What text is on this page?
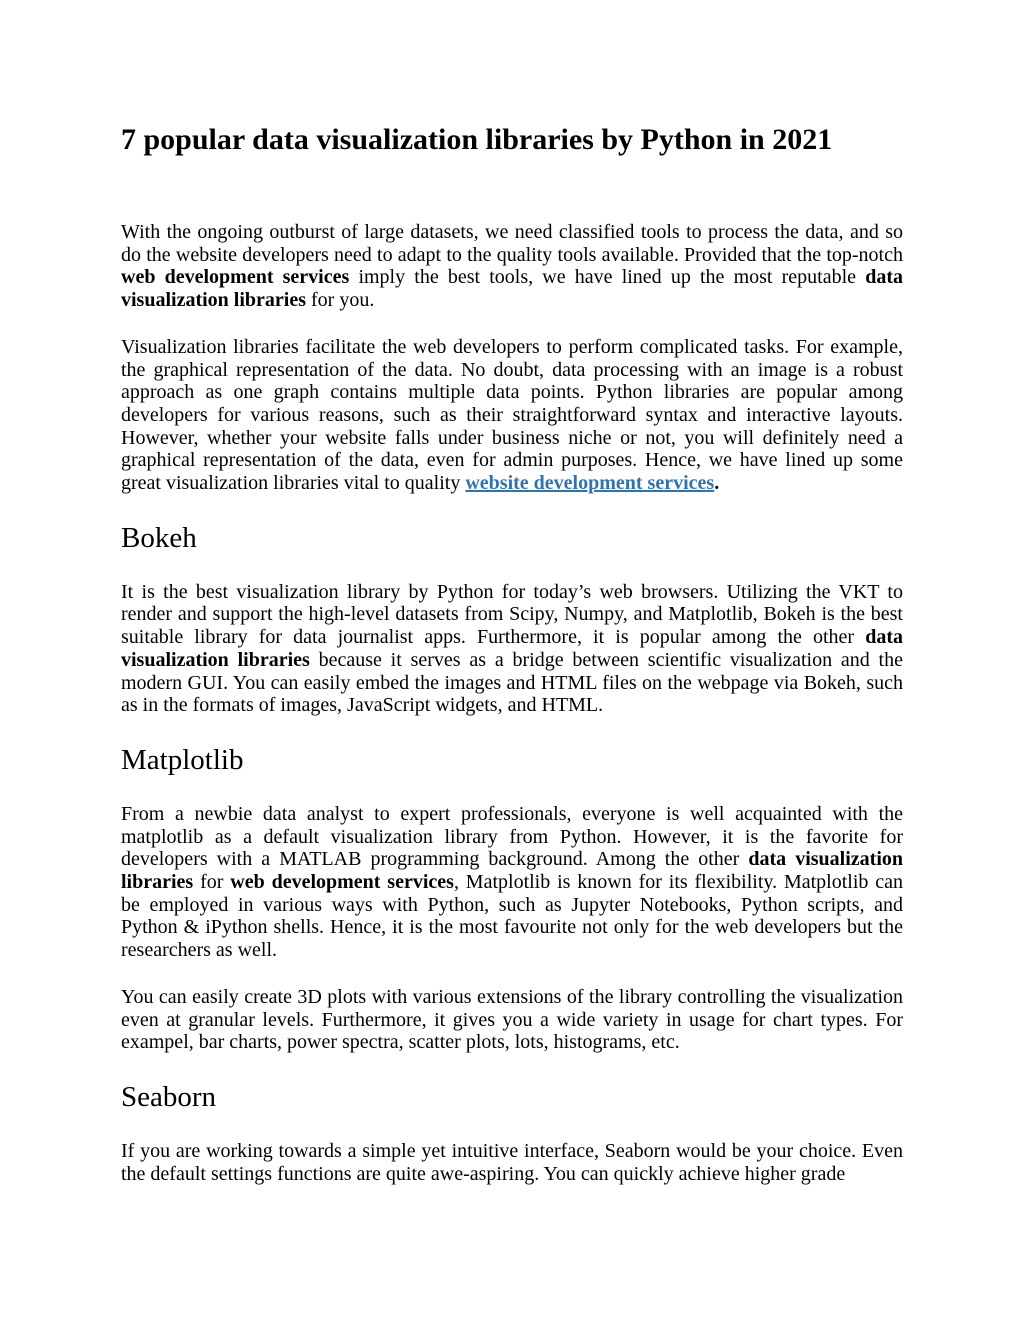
7 popular data visualization libraries by Python in 2021

With the ongoing outburst of large datasets, we need classified tools to process the data, and so do the website developers need to adapt to the quality tools available. Provided that the top-notch web development services imply the best tools, we have lined up the most reputable data visualization libraries for you.

Visualization libraries facilitate the web developers to perform complicated tasks. For example, the graphical representation of the data. No doubt, data processing with an image is a robust approach as one graph contains multiple data points. Python libraries are popular among developers for various reasons, such as their straightforward syntax and interactive layouts. However, whether your website falls under business niche or not, you will definitely need a graphical representation of the data, even for admin purposes. Hence, we have lined up some great visualization libraries vital to quality website development services.

Bokeh

It is the best visualization library by Python for today’s web browsers. Utilizing the VKT to render and support the high-level datasets from Scipy, Numpy, and Matplotlib, Bokeh is the best suitable library for data journalist apps. Furthermore, it is popular among the other data visualization libraries because it serves as a bridge between scientific visualization and the modern GUI. You can easily embed the images and HTML files on the webpage via Bokeh, such as in the formats of images, JavaScript widgets, and HTML.

Matplotlib

From a newbie data analyst to expert professionals, everyone is well acquainted with the matplotlib as a default visualization library from Python. However, it is the favorite for developers with a MATLAB programming background. Among the other data visualization libraries for web development services, Matplotlib is known for its flexibility. Matplotlib can be employed in various ways with Python, such as Jupyter Notebooks, Python scripts, and Python & iPython shells. Hence, it is the most favourite not only for the web developers but the researchers as well.

You can easily create 3D plots with various extensions of the library controlling the visualization even at granular levels. Furthermore, it gives you a wide variety in usage for chart types. For exampel, bar charts, power spectra, scatter plots, lots, histograms, etc.

Seaborn

If you are working towards a simple yet intuitive interface, Seaborn would be your choice. Even the default settings functions are quite awe-aspiring. You can quickly achieve higher grade
